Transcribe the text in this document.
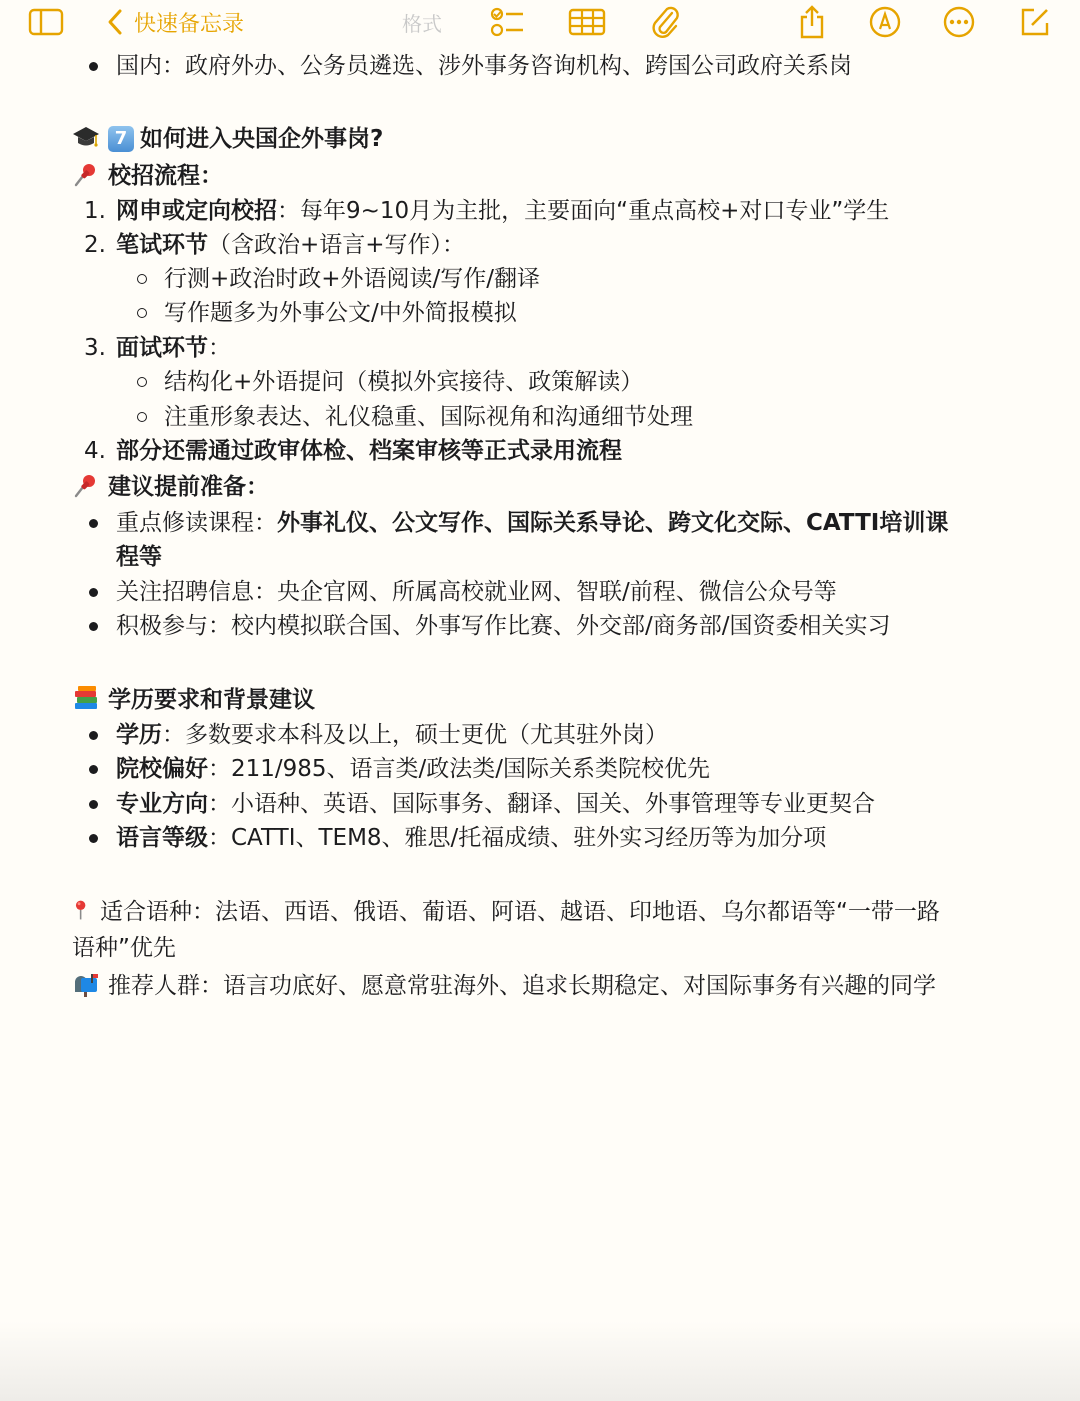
快速备忘录	格式
国内：政府外办、公务员遴选、涉外事务咨询机构、跨国公司政府关系岗
7 如何进入央国企外事岗?
校招流程：
1. 网申或定向校招：每年9~10月为主批，主要面向“重点高校+对口专业”学生
2. 笔试环节（含政治+语言+写作）：
行测+政治时政+外语阅读/写作/翻译
写作题多为外事公文/中外简报模拟
3. 面试环节：
结构化+外语提问（模拟外宾接待、政策解读）
注重形象表达、礼仪稳重、国际视角和沟通细节处理
4. 部分还需通过政审体检、档案审核等正式录用流程
建议提前准备：
重点修读课程：外事礼仪、公文写作、国际关系导论、跨文化交际、CATTI培训课
程等
关注招聘信息：央企官网、所属高校就业网、智联/前程、微信公众号等
积极参与：校内模拟联合国、外事写作比赛、外交部/商务部/国资委相关实习
学历要求和背景建议
学历：多数要求本科及以上，硕士更优（尤其驻外岗）
院校偏好：211/985、语言类/政法类/国际关系类院校优先
专业方向：小语种、英语、国际事务、翻译、国关、外事管理等专业更契合
语言等级：CATTI、TEM8、雅思/托福成绩、驻外实习经历等为加分项
适合语种：法语、西语、俄语、葡语、阿语、越语、印地语、乌尔都语等“一带一路
语种”优先
推荐人群：语言功底好、愿意常驻海外、追求长期稳定、对国际事务有兴趣的同学
